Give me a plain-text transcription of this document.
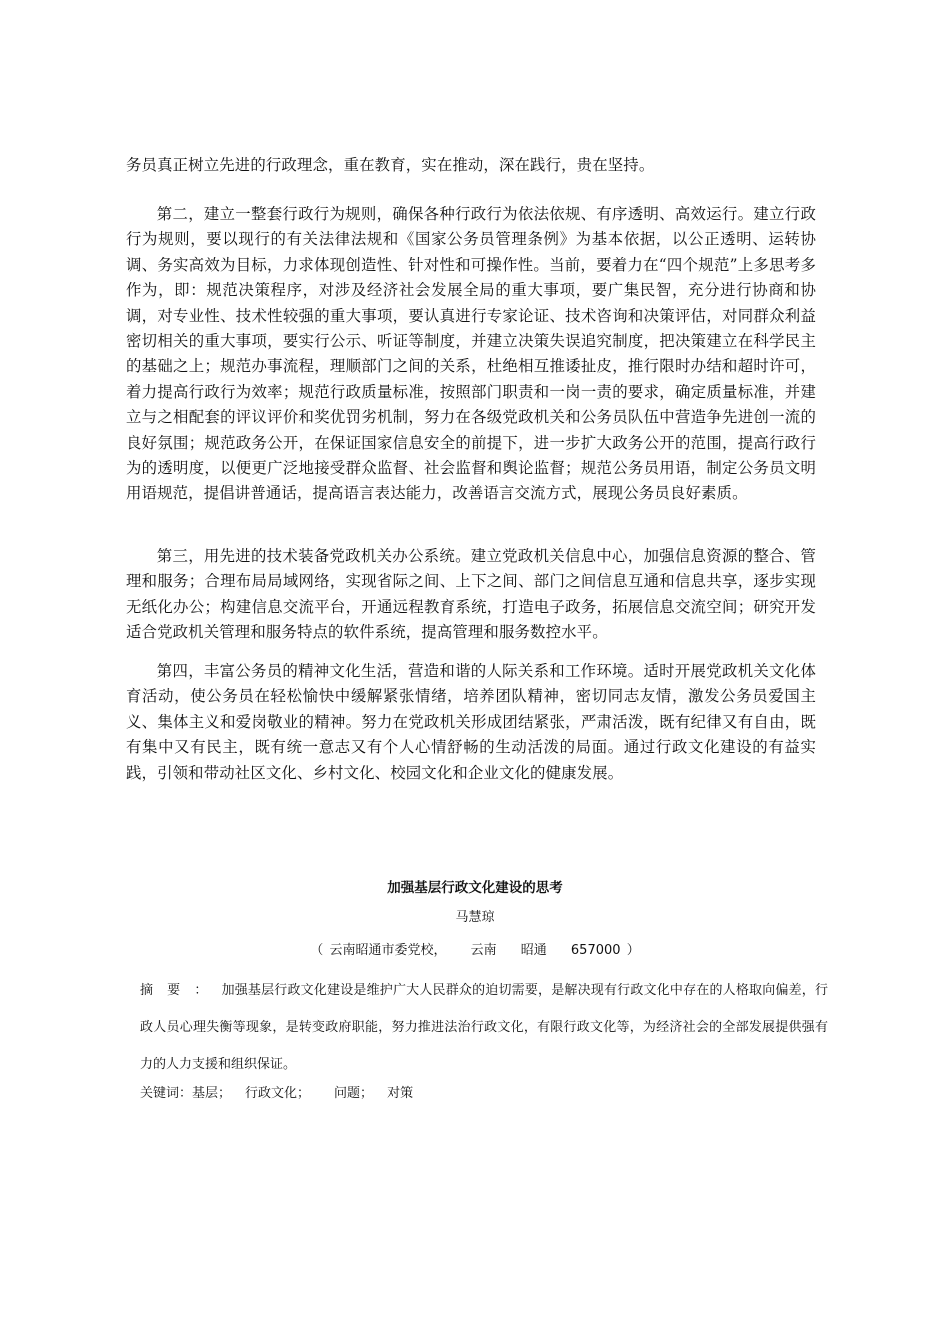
务员真正树立先进的行政理念，重在教育，实在推动，深在践行，贵在坚持。

第二，建立一整套行政行为规则，确保各种行政行为依法依规、有序透明、高效运行。建立行政行为规则，要以现行的有关法律法规和《国家公务员管理条例》为基本依据，以公正透明、运转协调、务实高效为目标，力求体现创造性、针对性和可操作性。当前，要着力在“四个规范”上多思考多作为，即：规范决策程序，对涉及经济社会发展全局的重大事项，要广集民智，充分进行协商和协调，对专业性、技术性较强的重大事项，要认真进行专家论证、技术咨询和决策评估，对同群众利益密切相关的重大事项，要实行公示、听证等制度，并建立决策失误追究制度，把决策建立在科学民主的基础之上；规范办事流程，理顺部门之间的关系，杜绝相互推诿扯皮，推行限时办结和超时许可，着力提高行政行为效率；规范行政质量标准，按照部门职责和一岗一责的要求，确定质量标准，并建立与之相配套的评议评价和奖优罚劣机制，努力在各级党政机关和公务员队伍中营造争先进创一流的良好氛围；规范政务公开，在保证国家信息安全的前提下，进一步扩大政务公开的范围，提高行政行为的透明度，以便更广泛地接受群众监督、社会监督和舆论监督；规范公务员用语，制定公务员文明用语规范，提倡讲普通话，提高语言表达能力，改善语言交流方式，展现公务员良好素质。

第三，用先进的技术装备党政机关办公系统。建立党政机关信息中心，加强信息资源的整合、管理和服务；合理布局局域网络，实现省际之间、上下之间、部门之间信息互通和信息共享，逐步实现无纸化办公；构建信息交流平台，开通远程教育系统，打造电子政务，拓展信息交流空间；研究开发适合党政机关管理和服务特点的软件系统，提高管理和服务数控水平。

第四，丰富公务员的精神文化生活，营造和谐的人际关系和工作环境。适时开展党政机关文化体育活动，使公务员在轻松愉快中缓解紧张情绪，培养团队精神，密切同志友情，激发公务员爱国主义、集体主义和爱岗敬业的精神。努力在党政机关形成团结紧张，严肃活泼，既有纪律又有自由，既有集中又有民主，既有统一意志又有个人心情舒畅的生动活泼的局面。通过行政文化建设的有益实践，引领和带动社区文化、乡村文化、校园文化和企业文化的健康发展。

加强基层行政文化建设的思考
马慧琼
（ 云南昭通市委党校， 云南 昭通 657000 ）
摘要：加强基层行政文化建设是维护广大人民群众的迫切需要，是解决现有行政文化中存在的人格取向偏差，行政人员心理失衡等现象，是转变政府职能，努力推进法治行政文化，有限行政文化等，为经济社会的全部发展提供强有力的人力支援和组织保证。
关键词：基层； 行政文化； 问题； 对策
